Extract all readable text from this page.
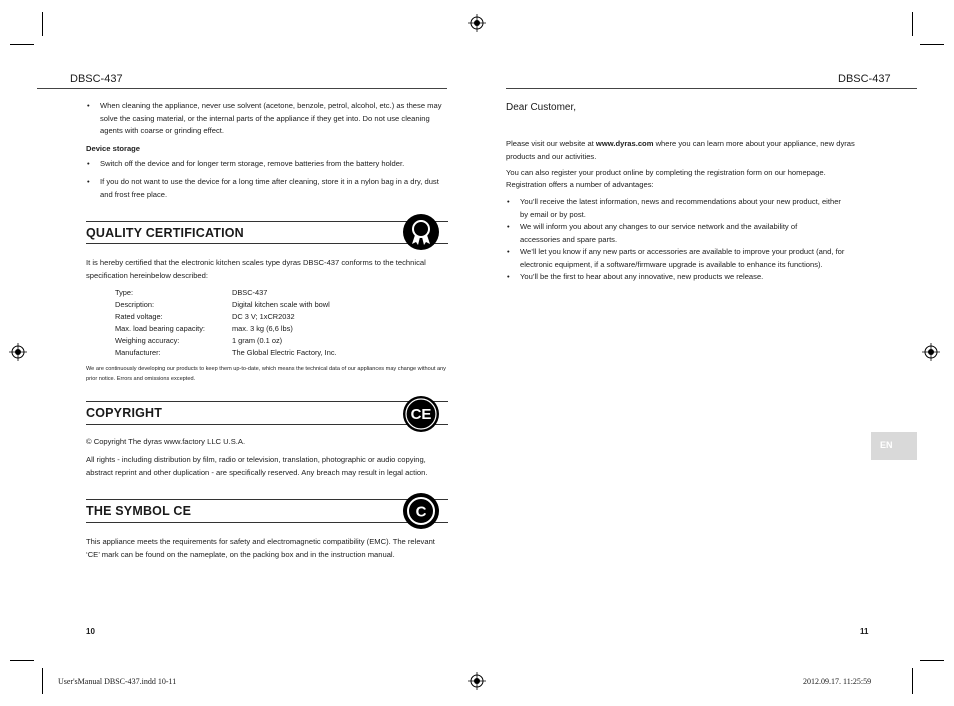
DBSC-437
• When cleaning the appliance, never use solvent (acetone, benzole, petrol, alcohol, etc.) as these may solve the casing material, or the internal parts of the appliance if they get into. Do not use cleaning agents with coarse or grinding effect.
Device storage
• Switch off the device and for longer term storage, remove batteries from the battery holder.
• If you do not want to use the device for a long time after cleaning, store it in a nylon bag in a dry, dust and frost free place.
QUALITY CERTIFICATION
It is hereby certified that the electronic kitchen scales type dyras DBSC-437 conforms to the technical specification hereinbelow described:
Type:	DBSC-437
Description:	Digital kitchen scale with bowl
Rated voltage:	DC 3 V; 1xCR2032
Max. load bearing capacity:	max. 3 kg (6,6 lbs)
Weighing accuracy:	1 gram (0.1 oz)
Manufacturer:	The Global Electric Factory, Inc.
We are continuously developing our products to keep them up-to-date, which means the technical data of our appliances may change without any prior notice. Errors and omissions excepted.
COPYRIGHT	CE
© Copyright The dyras www.factory LLC U.S.A.
All rights - including distribution by film, radio or television, translation, photographic or audio copying, abstract reprint and other duplication - are specifically reserved. Any breach may result in legal action.
THE SYMBOL CE	C
This appliance meets the requirements for safety and electromagnetic compatibility (EMC). The relevant ‘CE’ mark can be found on the nameplate, on the packing box and in the instruction manual.
10
DBSC-437
Dear Customer,
Please visit our website at www.dyras.com where you can learn more about your appliance, new dyras products and our activities.
You can also register your product online by completing the registration form on our homepage.
Registration offers a number of advantages:
• You’ll receive the latest information, news and recommendations about your new product, either by email or by post.
• We will inform you about any changes to our service network and the availability of accessories and spare parts.
• We’ll let you know if any new parts or accessories are available to improve your product (and, for electronic equipment, if a software/firmware upgrade is available to enhance its functions).
• You’ll be the first to hear about any innovative, new products we release.
EN
11
User'sManual DBSC-437.indd 10-11	2012.09.17. 11:25:59
